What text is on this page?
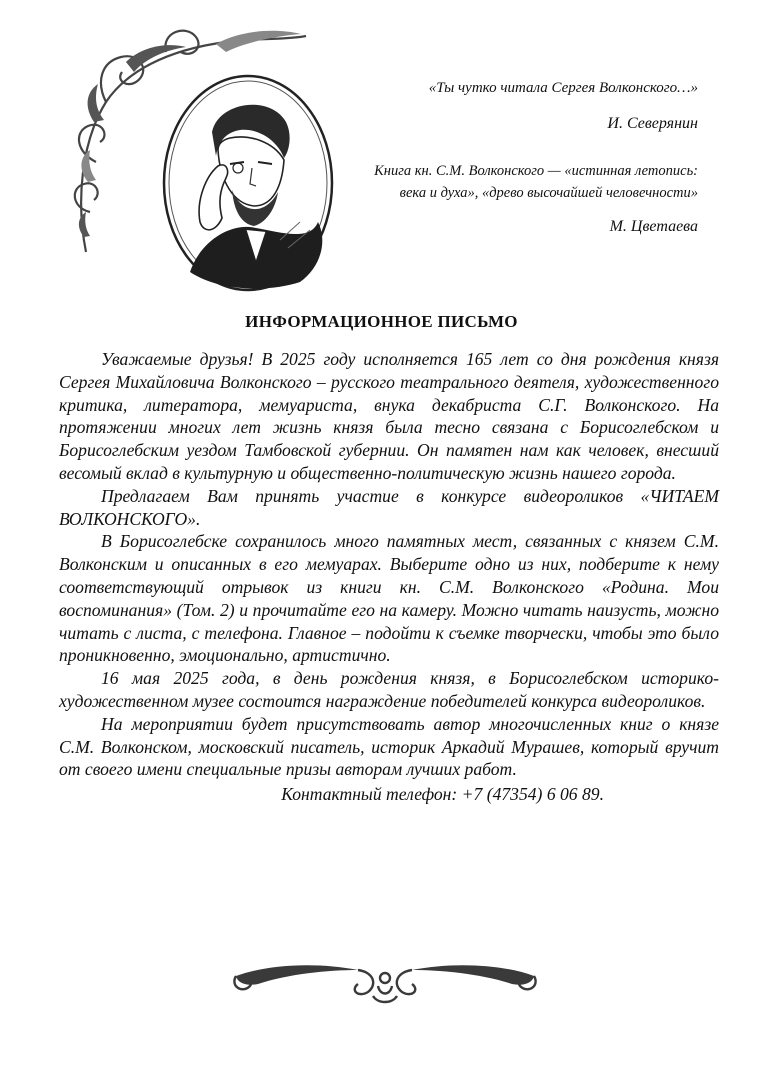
«Ты чутко читала Сергея Волконского…»

И. Северянин

Книга кн. С.М. Волконского — «истинная летопись: века и духа», «древо высочайшей человечности»

М. Цветаева

ИНФОРМАЦИОННОЕ ПИСЬМО

Уважаемые друзья! В 2025 году исполняется 165 лет со дня рождения князя Сергея Михайловича Волконского – русского театрального деятеля, художественного критика, литератора, мемуариста, внука декабриста С.Г. Волконского. На протяжении многих лет жизнь князя была тесно связана с Борисоглебском и Борисоглебским уездом Тамбовской губернии. Он памятен нам как человек, внесший весомый вклад в культурную и общественно-политическую жизнь нашего города.

Предлагаем Вам принять участие в конкурсе видеороликов «ЧИТАЕМ ВОЛКОНСКОГО».

В Борисоглебске сохранилось много памятных мест, связанных с князем С.М. Волконским и описанных в его мемуарах. Выберите одно из них, подберите к нему соответствующий отрывок из книги кн. С.М. Волконского «Родина. Мои воспоминания» (Том. 2) и прочитайте его на камеру. Можно читать наизусть, можно читать с листа, с телефона. Главное – подойти к съемке творчески, чтобы это было проникновенно, эмоционально, артистично.

16 мая 2025 года, в день рождения князя, в Борисоглебском историко-художественном музее состоится награждение победителей конкурса видеороликов.

На мероприятии будет присутствовать автор многочисленных книг о князе С.М. Волконском, московский писатель, историк Аркадий Мурашев, который вручит от своего имени специальные призы авторам лучших работ.

Контактный телефон: +7 (47354) 6 06 89.
